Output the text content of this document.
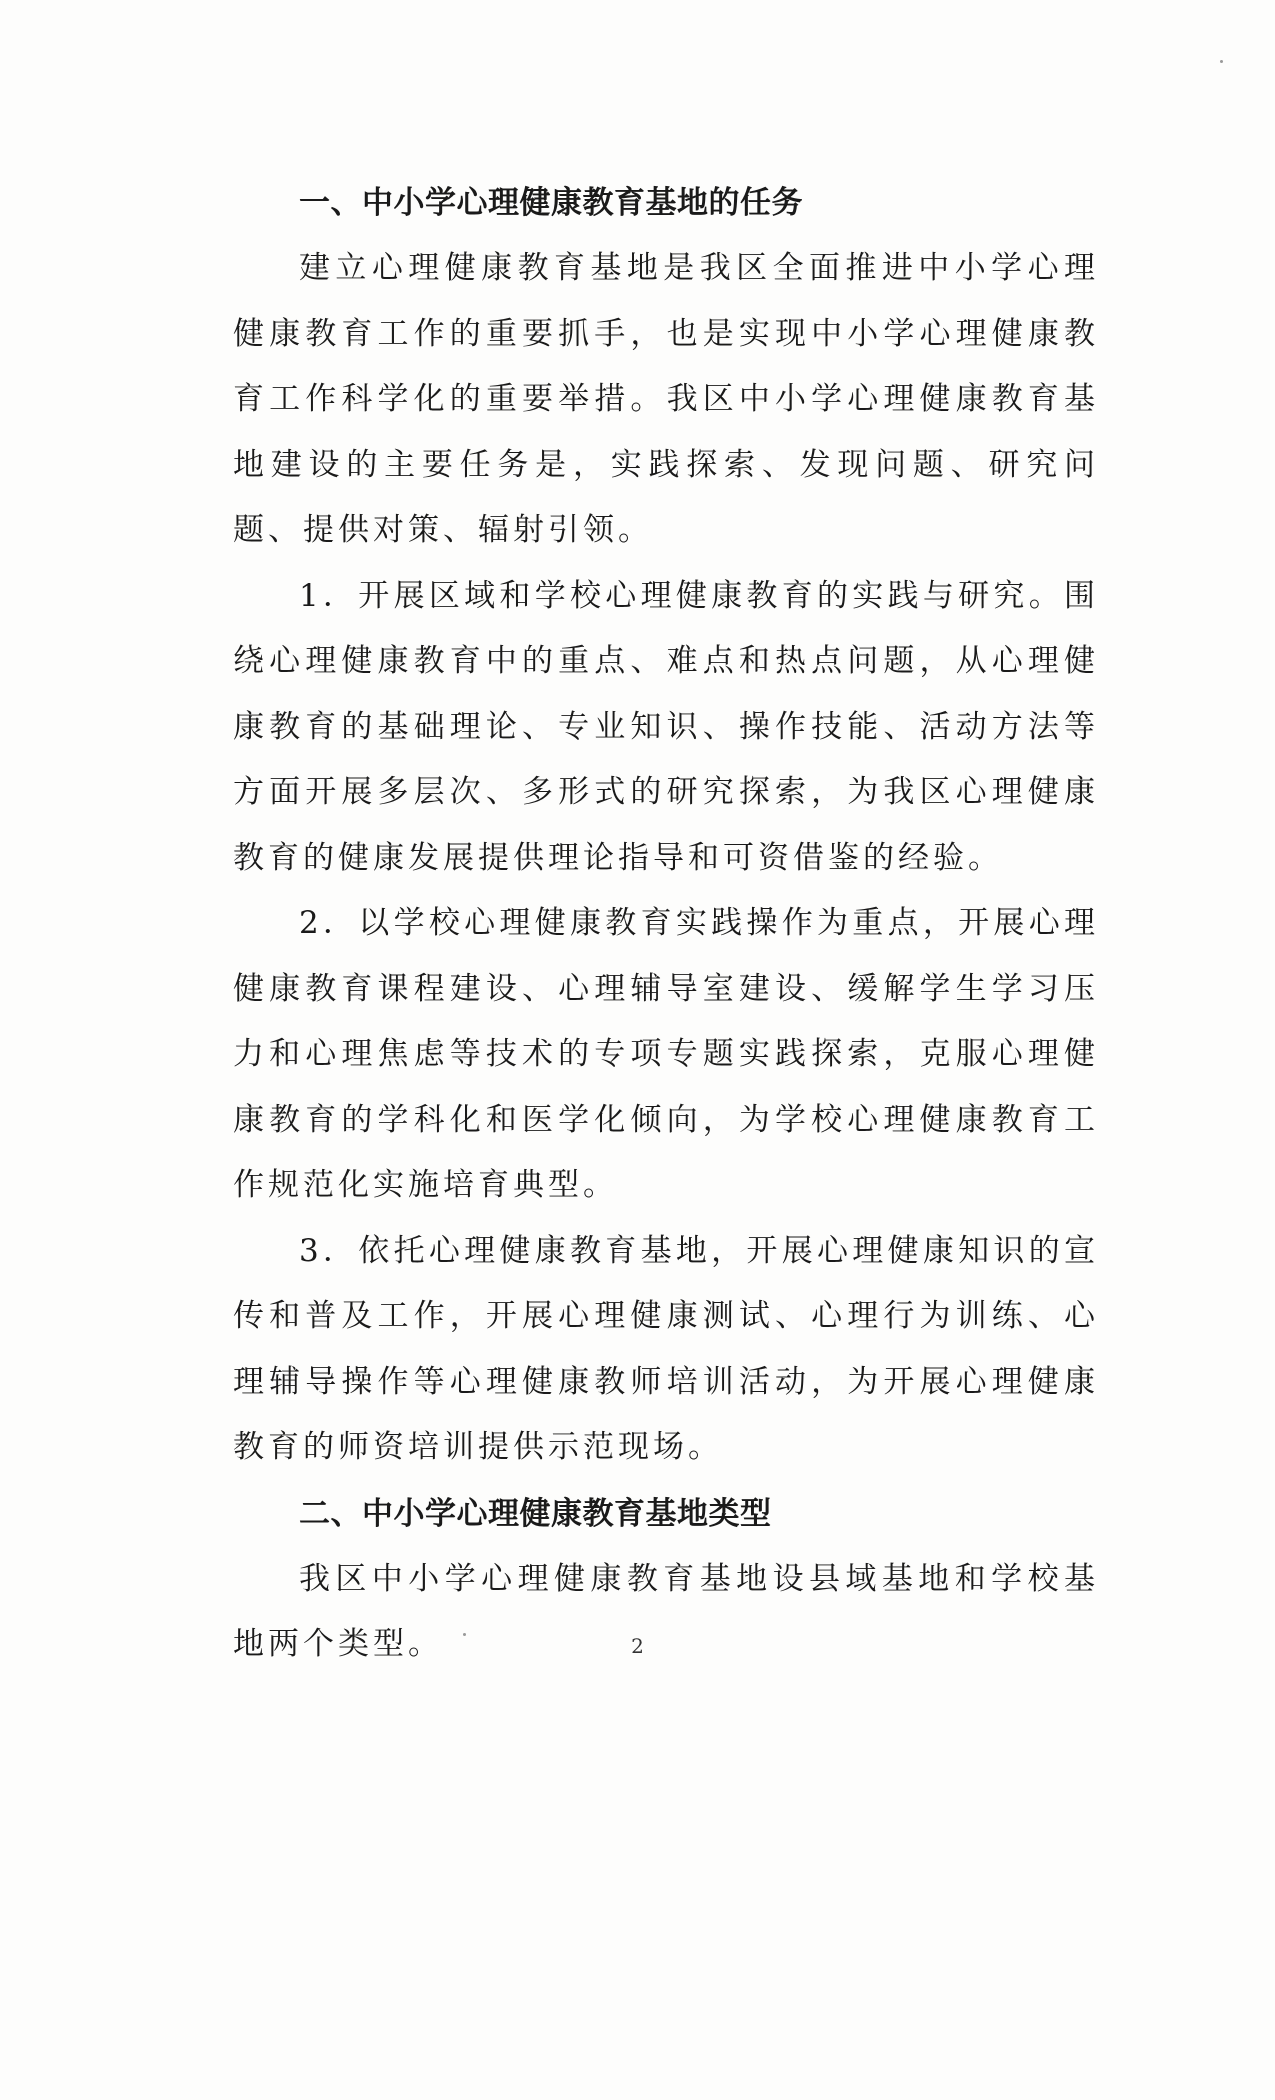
一、中小学心理健康教育基地的任务

建立心理健康教育基地是我区全面推进中小学心理健康教育工作的重要抓手，也是实现中小学心理健康教育工作科学化的重要举措。我区中小学心理健康教育基地建设的主要任务是，实践探索、发现问题、研究问题、提供对策、辐射引领。

1．开展区域和学校心理健康教育的实践与研究。围绕心理健康教育中的重点、难点和热点问题，从心理健康教育的基础理论、专业知识、操作技能、活动方法等方面开展多层次、多形式的研究探索，为我区心理健康教育的健康发展提供理论指导和可资借鉴的经验。

2．以学校心理健康教育实践操作为重点，开展心理健康教育课程建设、心理辅导室建设、缓解学生学习压力和心理焦虑等技术的专项专题实践探索，克服心理健康教育的学科化和医学化倾向，为学校心理健康教育工作规范化实施培育典型。

3．依托心理健康教育基地，开展心理健康知识的宣传和普及工作，开展心理健康测试、心理行为训练、心理辅导操作等心理健康教师培训活动，为开展心理健康教育的师资培训提供示范现场。

二、中小学心理健康教育基地类型

我区中小学心理健康教育基地设县域基地和学校基地两个类型。	2
